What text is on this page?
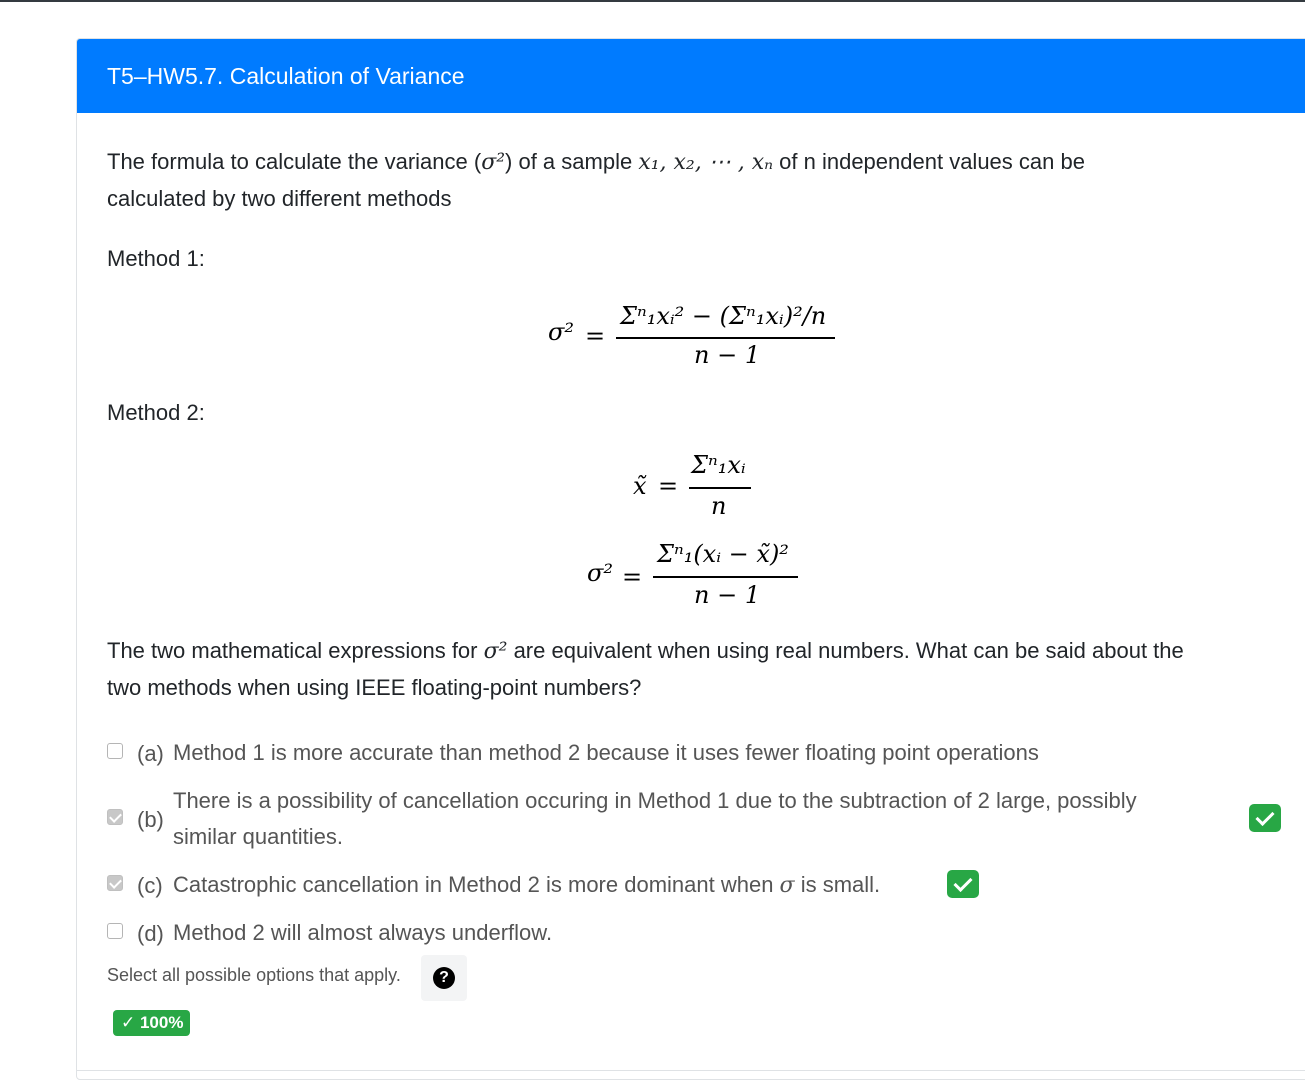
T5–HW5.7. Calculation of Variance
The formula to calculate the variance (σ²) of a sample x₁, x₂, ⋯ , xₙ of n independent values can be
calculated by two different methods
Method 1:
σ² =
Σⁿ₁xᵢ² − (Σⁿ₁xᵢ)²/n
n − 1
Method 2:
x̃ =
Σⁿ₁xᵢ
n
σ² =
Σⁿ₁(xᵢ − x̃)²
n − 1
The two mathematical expressions for σ² are equivalent when using real numbers. What can be said about the
two methods when using IEEE floating-point numbers?
(a) Method 1 is more accurate than method 2 because it uses fewer floating point operations
(b)
There is a possibility of cancellation occuring in Method 1 due to the subtraction of 2 large, possibly
similar quantities.
(c) Catastrophic cancellation in Method 2 is more dominant when σ is small.
(d) Method 2 will almost always underflow.
Select all possible options that apply.	?
✓ 100%
